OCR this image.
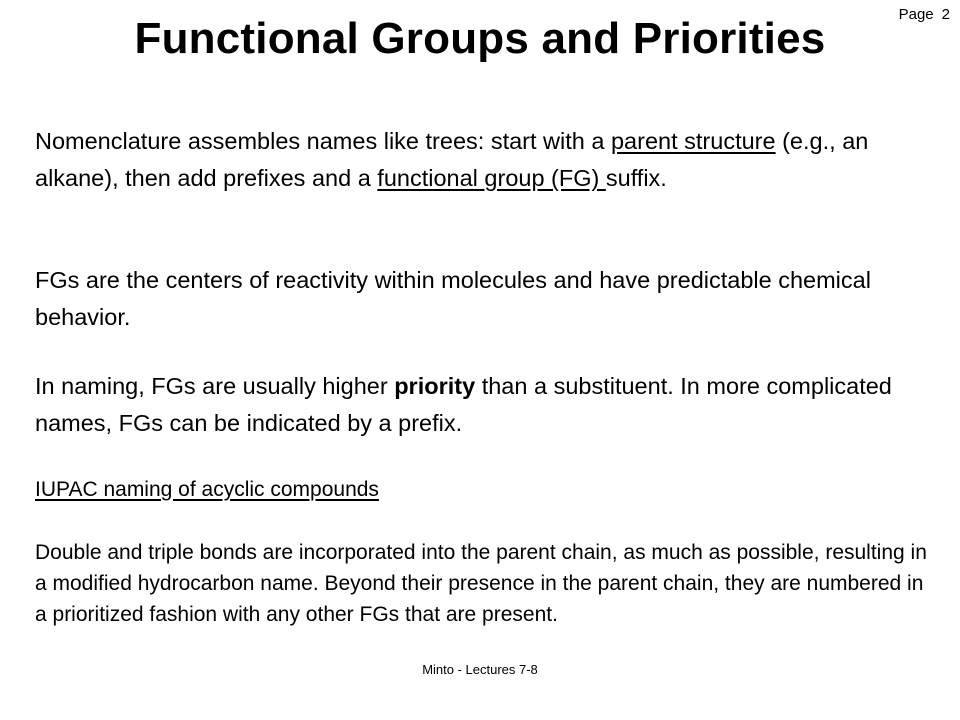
Page 2
Functional Groups and Priorities

Nomenclature assembles names like trees: start with a parent structure (e.g., an alkane), then add prefixes and a functional group (FG) suffix.

FGs are the centers of reactivity within molecules and have predictable chemical behavior.

In naming, FGs are usually higher priority than a substituent. In more complicated names, FGs can be indicated by a prefix.

IUPAC naming of acyclic compounds

Double and triple bonds are incorporated into the parent chain, as much as possible, resulting in a modified hydrocarbon name. Beyond their presence in the parent chain, they are numbered in a prioritized fashion with any other FGs that are present.

Minto - Lectures 7-8
